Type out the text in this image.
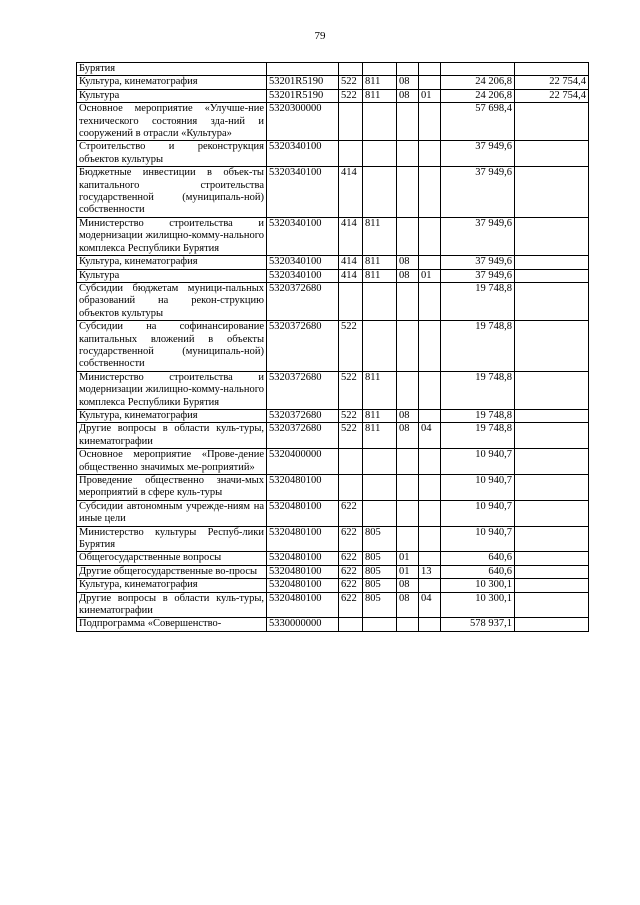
79
Бурятия							
Культура, кинематография	53201R5190	522	811	08		24 206,8	22 754,4
Культура	53201R5190	522	811	08	01	24 206,8	22 754,4
Основное мероприятие «Улучше-ние технического состояния зда-ний и сооружений в отрасли «Культура»	5320300000					57 698,4	
Строительство и реконструкция объектов культуры	5320340100					37 949,6	
Бюджетные инвестиции в объек-ты капитального строительства государственной (муниципаль-ной) собственности	5320340100	414				37 949,6	
Министерство строительства и модернизации жилищно-комму-нального комплекса Республики Бурятия	5320340100	414	811			37 949,6	
Культура, кинематография	5320340100	414	811	08		37 949,6	
Культура	5320340100	414	811	08	01	37 949,6	
Субсидии бюджетам муници-пальных образований на рекон-струкцию объектов культуры	5320372680					19 748,8	
Субсидии на софинансирование капитальных вложений в объекты государственной (муниципаль-ной) собственности	5320372680	522				19 748,8	
Министерство строительства и модернизации жилищно-комму-нального комплекса Республики Бурятия	5320372680	522	811			19 748,8	
Культура, кинематография	5320372680	522	811	08		19 748,8	
Другие вопросы в области куль-туры, кинематографии	5320372680	522	811	08	04	19 748,8	
Основное мероприятие «Прове-дение общественно значимых ме-роприятий»	5320400000					10 940,7	
Проведение общественно значи-мых мероприятий в сфере куль-туры	5320480100					10 940,7	
Субсидии автономным учрежде-ниям на иные цели	5320480100	622				10 940,7	
Министерство культуры Респуб-лики Бурятия	5320480100	622	805			10 940,7	
Общегосударственные вопросы	5320480100	622	805	01		640,6	
Другие общегосударственные во-просы	5320480100	622	805	01	13	640,6	
Культура, кинематография	5320480100	622	805	08		10 300,1	
Другие вопросы в области куль-туры, кинематографии	5320480100	622	805	08	04	10 300,1	
Подпрограмма «Совершенство-	5330000000					578 937,1	
